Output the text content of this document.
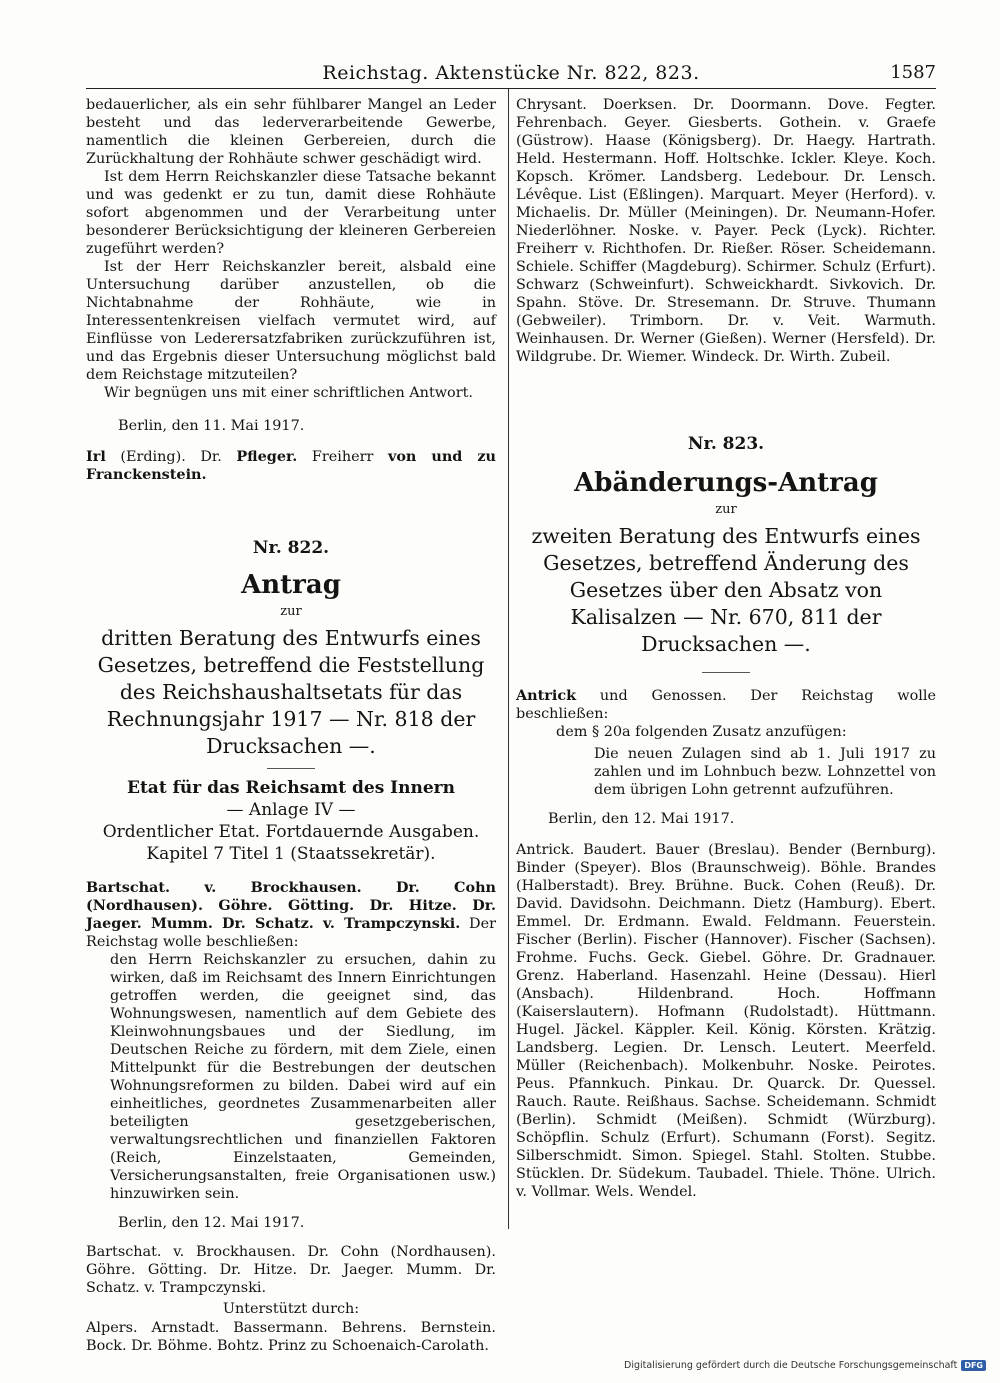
Reichstag. Aktenstücke Nr. 822, 823.	1587

bedauerlicher, als ein sehr fühlbarer Mangel an Leder besteht und das lederverarbeitende Gewerbe, namentlich die kleinen Gerbereien, durch die Zurückhaltung der Rohhäute schwer geschädigt wird.

Ist dem Herrn Reichskanzler diese Tatsache bekannt und was gedenkt er zu tun, damit diese Rohhäute sofort abgenommen und der Verarbeitung unter besonderer Berücksichtigung der kleineren Gerbereien zugeführt werden?

Ist der Herr Reichskanzler bereit, alsbald eine Untersuchung darüber anzustellen, ob die Nichtabnahme der Rohhäute, wie in Interessentenkreisen vielfach vermutet wird, auf Einflüsse von Lederersatzfabriken zurückzuführen ist, und das Ergebnis dieser Untersuchung möglichst bald dem Reichstage mitzuteilen?

Wir begnügen uns mit einer schriftlichen Antwort.

Berlin, den 11. Mai 1917.

Irl (Erding). Dr. Pfleger. Freiherr von und zu Franckenstein.

Nr. 822.

Antrag

zur

dritten Beratung des Entwurfs eines Gesetzes, betreffend die Feststellung des Reichshaushaltsetats für das Rechnungsjahr 1917 — Nr. 818 der Drucksachen —.

Etat für das Reichsamt des Innern

— Anlage IV —

Ordentlicher Etat. Fortdauernde Ausgaben.

Kapitel 7 Titel 1 (Staatssekretär).

Bartschat. v. Brockhausen. Dr. Cohn (Nordhausen). Göhre. Götting. Dr. Hitze. Dr. Jaeger. Mumm. Dr. Schatz. v. Trampczynski. Der Reichstag wolle beschließen:

den Herrn Reichskanzler zu ersuchen, dahin zu wirken, daß im Reichsamt des Innern Einrichtungen getroffen werden, die geeignet sind, das Wohnungswesen, namentlich auf dem Gebiete des Kleinwohnungsbaues und der Siedlung, im Deutschen Reiche zu fördern, mit dem Ziele, einen Mittelpunkt für die Bestrebungen der deutschen Wohnungsreformen zu bilden. Dabei wird auf ein einheitliches, geordnetes Zusammenarbeiten aller beteiligten gesetzgeberischen, verwaltungsrechtlichen und finanziellen Faktoren (Reich, Einzelstaaten, Gemeinden, Versicherungsanstalten, freie Organisationen usw.) hinzuwirken sein.

Berlin, den 12. Mai 1917.

Bartschat. v. Brockhausen. Dr. Cohn (Nordhausen). Göhre. Götting. Dr. Hitze. Dr. Jaeger. Mumm. Dr. Schatz. v. Trampczynski.

Unterstützt durch:

Alpers. Arnstadt. Bassermann. Behrens. Bernstein. Bock. Dr. Böhme. Bohtz. Prinz zu Schoenaich-Carolath.

Chrysant. Doerksen. Dr. Doormann. Dove. Fegter. Fehrenbach. Geyer. Giesberts. Gothein. v. Graefe (Güstrow). Haase (Königsberg). Dr. Haegy. Hartrath. Held. Hestermann. Hoff. Holtschke. Ickler. Kleye. Koch. Kopsch. Krömer. Landsberg. Ledebour. Dr. Lensch. Lévêque. List (Eßlingen). Marquart. Meyer (Herford). v. Michaelis. Dr. Müller (Meiningen). Dr. Neumann-Hofer. Niederlöhner. Noske. v. Payer. Peck (Lyck). Richter. Freiherr v. Richthofen. Dr. Rießer. Röser. Scheidemann. Schiele. Schiffer (Magdeburg). Schirmer. Schulz (Erfurt). Schwarz (Schweinfurt). Schweickhardt. Sivkovich. Dr. Spahn. Stöve. Dr. Stresemann. Dr. Struve. Thumann (Gebweiler). Trimborn. Dr. v. Veit. Warmuth. Weinhausen. Dr. Werner (Gießen). Werner (Hersfeld). Dr. Wildgrube. Dr. Wiemer. Windeck. Dr. Wirth. Zubeil.

Nr. 823.

Abänderungs-Antrag

zur

zweiten Beratung des Entwurfs eines Gesetzes, betreffend Änderung des Gesetzes über den Absatz von Kalisalzen — Nr. 670, 811 der Drucksachen —.

Antrick und Genossen. Der Reichstag wolle beschließen:

dem § 20a folgenden Zusatz anzufügen:

Die neuen Zulagen sind ab 1. Juli 1917 zu zahlen und im Lohnbuch bezw. Lohnzettel von dem übrigen Lohn getrennt aufzuführen.

Berlin, den 12. Mai 1917.

Antrick. Baudert. Bauer (Breslau). Bender (Bernburg). Binder (Speyer). Blos (Braunschweig). Böhle. Brandes (Halberstadt). Brey. Brühne. Buck. Cohen (Reuß). Dr. David. Davidsohn. Deichmann. Dietz (Hamburg). Ebert. Emmel. Dr. Erdmann. Ewald. Feldmann. Feuerstein. Fischer (Berlin). Fischer (Hannover). Fischer (Sachsen). Frohme. Fuchs. Geck. Giebel. Göhre. Dr. Gradnauer. Grenz. Haberland. Hasenzahl. Heine (Dessau). Hierl (Ansbach). Hildenbrand. Hoch. Hoffmann (Kaiserslautern). Hofmann (Rudolstadt). Hüttmann. Hugel. Jäckel. Käppler. Keil. König. Körsten. Krätzig. Landsberg. Legien. Dr. Lensch. Leutert. Meerfeld. Müller (Reichenbach). Molkenbuhr. Noske. Peirotes. Peus. Pfannkuch. Pinkau. Dr. Quarck. Dr. Quessel. Rauch. Raute. Reißhaus. Sachse. Scheidemann. Schmidt (Berlin). Schmidt (Meißen). Schmidt (Würzburg). Schöpflin. Schulz (Erfurt). Schumann (Forst). Segitz. Silberschmidt. Simon. Spiegel. Stahl. Stolten. Stubbe. Stücklen. Dr. Südekum. Taubadel. Thiele. Thöne. Ulrich. v. Vollmar. Wels. Wendel.

Digitalisierung gefördert durch die Deutsche Forschungsgemeinschaft DFG
